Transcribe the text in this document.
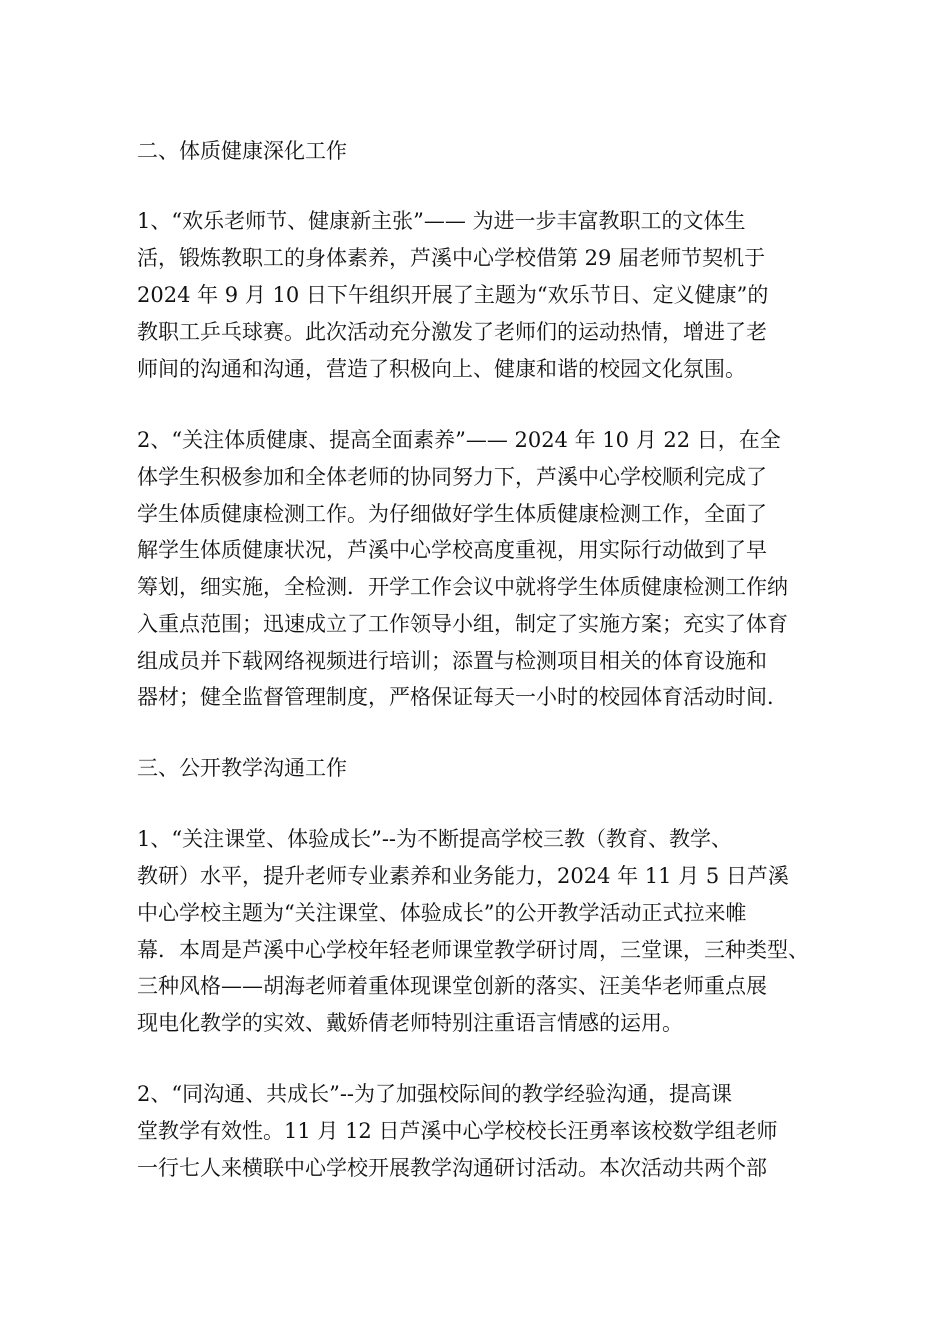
二、体质健康深化工作
1、“欢乐老师节、健康新主张”—— 为进一步丰富教职工的文体生
活，锻炼教职工的身体素养，芦溪中心学校借第 29 届老师节契机于
2024 年 9 月 10 日下午组织开展了主题为“欢乐节日、定义健康”的
教职工乒乓球赛。此次活动充分激发了老师们的运动热情，增进了老
师间的沟通和沟通，营造了积极向上、健康和谐的校园文化氛围。
2、“关注体质健康、提高全面素养”—— 2024 年 10 月 22 日，在全
体学生积极参加和全体老师的协同努力下，芦溪中心学校顺利完成了
学生体质健康检测工作。为仔细做好学生体质健康检测工作，全面了
解学生体质健康状况，芦溪中心学校高度重视，用实际行动做到了早
筹划，细实施，全检测．开学工作会议中就将学生体质健康检测工作纳
入重点范围；迅速成立了工作领导小组，制定了实施方案；充实了体育
组成员并下载网络视频进行培训；添置与检测项目相关的体育设施和
器材；健全监督管理制度，严格保证每天一小时的校园体育活动时间．
三、公开教学沟通工作
1、“关注课堂、体验成长”--为不断提高学校三教（教育、教学、
教研）水平，提升老师专业素养和业务能力，2024 年 11 月 5 日芦溪
中心学校主题为“关注课堂、体验成长”的公开教学活动正式拉来帷
幕．本周是芦溪中心学校年轻老师课堂教学研讨周，三堂课，三种类型、
三种风格——胡海老师着重体现课堂创新的落实、汪美华老师重点展
现电化教学的实效、戴娇倩老师特别注重语言情感的运用。
2、“同沟通、共成长”--为了加强校际间的教学经验沟通，提高课
堂教学有效性。11 月 12 日芦溪中心学校校长汪勇率该校数学组老师
一行七人来横联中心学校开展教学沟通研讨活动。本次活动共两个部
